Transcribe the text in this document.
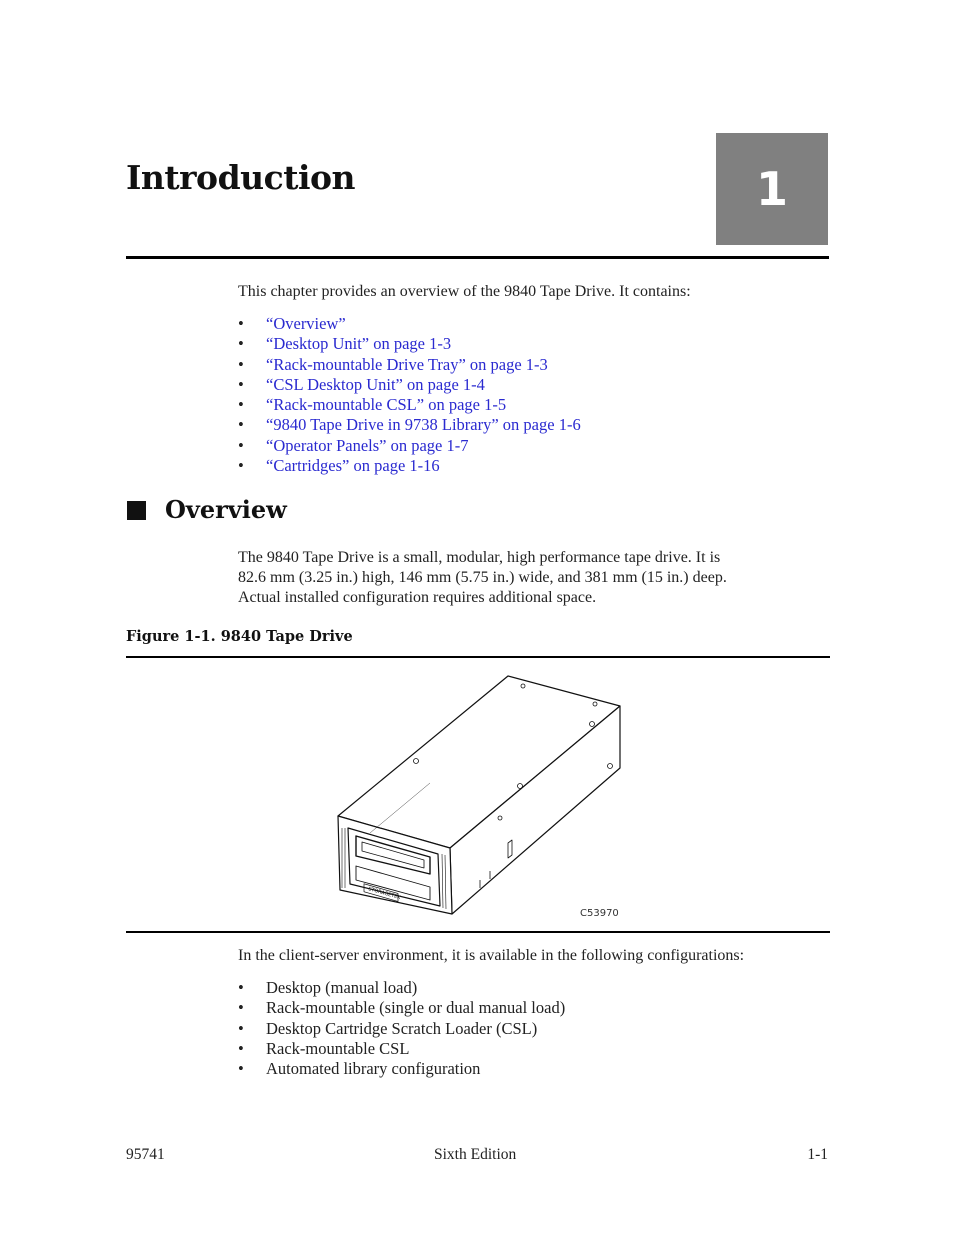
Introduction	1
This chapter provides an overview of the 9840 Tape Drive. It contains:
• “Overview”
• “Desktop Unit” on page 1-3
• “Rack-mountable Drive Tray” on page 1-3
• “CSL Desktop Unit” on page 1-4
• “Rack-mountable CSL” on page 1-5
• “9840 Tape Drive in 9738 Library” on page 1-6
• “Operator Panels” on page 1-7
• “Cartridges” on page 1-16
Overview
The 9840 Tape Drive is a small, modular, high performance tape drive. It is
82.6 mm (3.25 in.) high, 146 mm (5.75 in.) wide, and 381 mm (15 in.) deep.
Actual installed configuration requires additional space.
Figure 1-1. 9840 Tape Drive
STORAGETEK
C53970
In the client-server environment, it is available in the following configurations:
• Desktop (manual load)
• Rack-mountable (single or dual manual load)
• Desktop Cartridge Scratch Loader (CSL)
• Rack-mountable CSL
• Automated library configuration
95741	Sixth Edition	1-1
